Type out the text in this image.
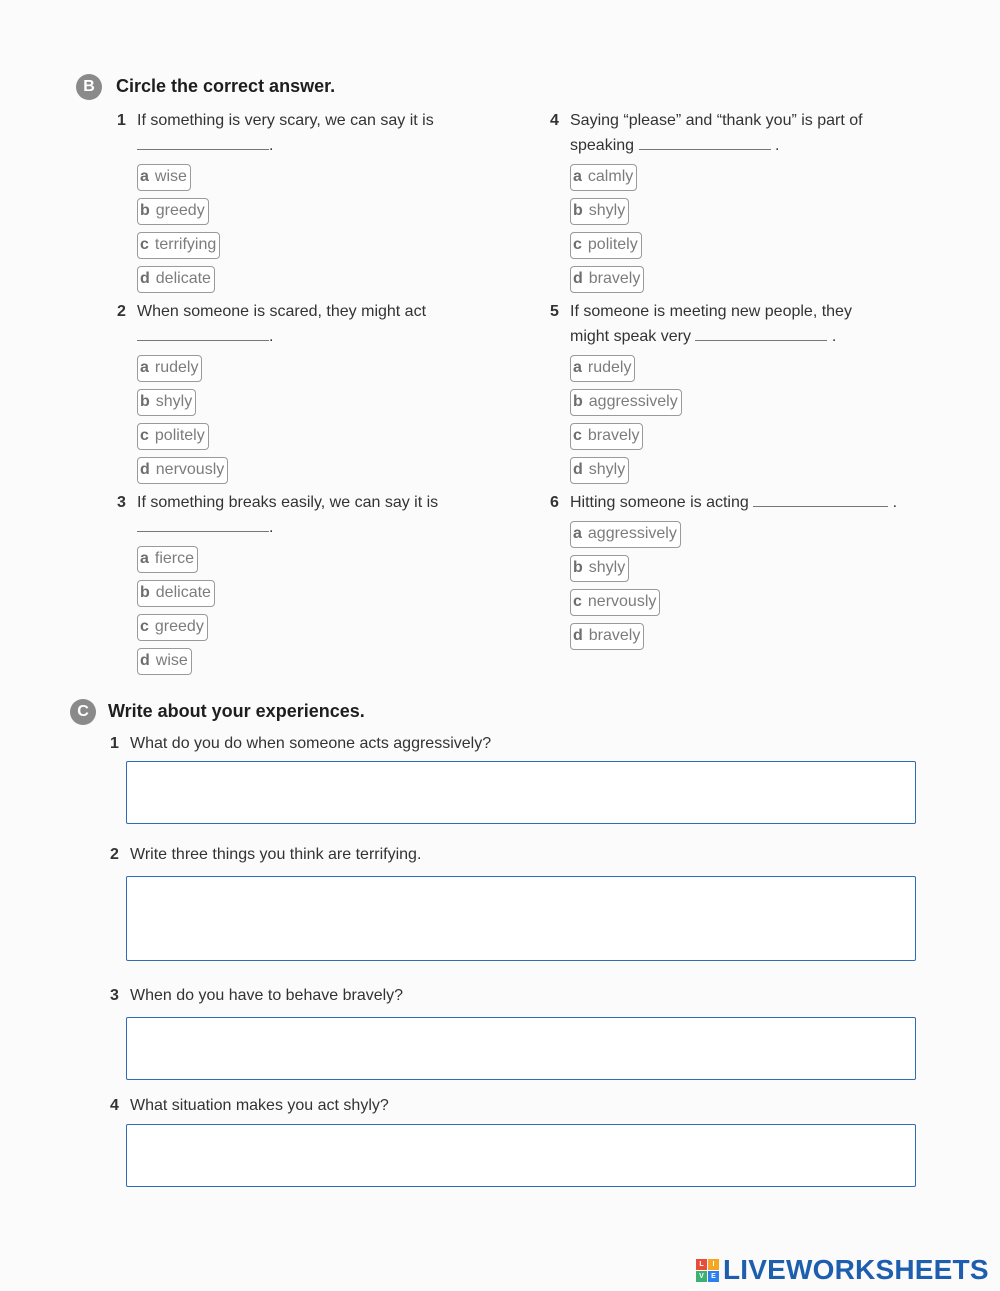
B	Circle the correct answer.
1 If something is very scary, we can say it is
.
a wise
b greedy
c terrifying
d delicate
2 When someone is scared, they might act
.
a rudely
b shyly
c politely
d nervously
3 If something breaks easily, we can say it is
.
a fierce
b delicate
c greedy
d wise
4 Saying “please” and “thank you” is part of
speaking	.
a calmly
b shyly
c politely
d bravely
5 If someone is meeting new people, they
might speak very	.
a rudely
b aggressively
c bravely
d shyly
6 Hitting someone is acting	.
a aggressively
b shyly
c nervously
d bravely
C	Write about your experiences.
1 What do you do when someone acts aggressively?
2 Write three things you think are terrifying.
3 When do you have to behave bravely?
4 What situation makes you act shyly?
L	I
V	E LIVEWORKSHEETS
